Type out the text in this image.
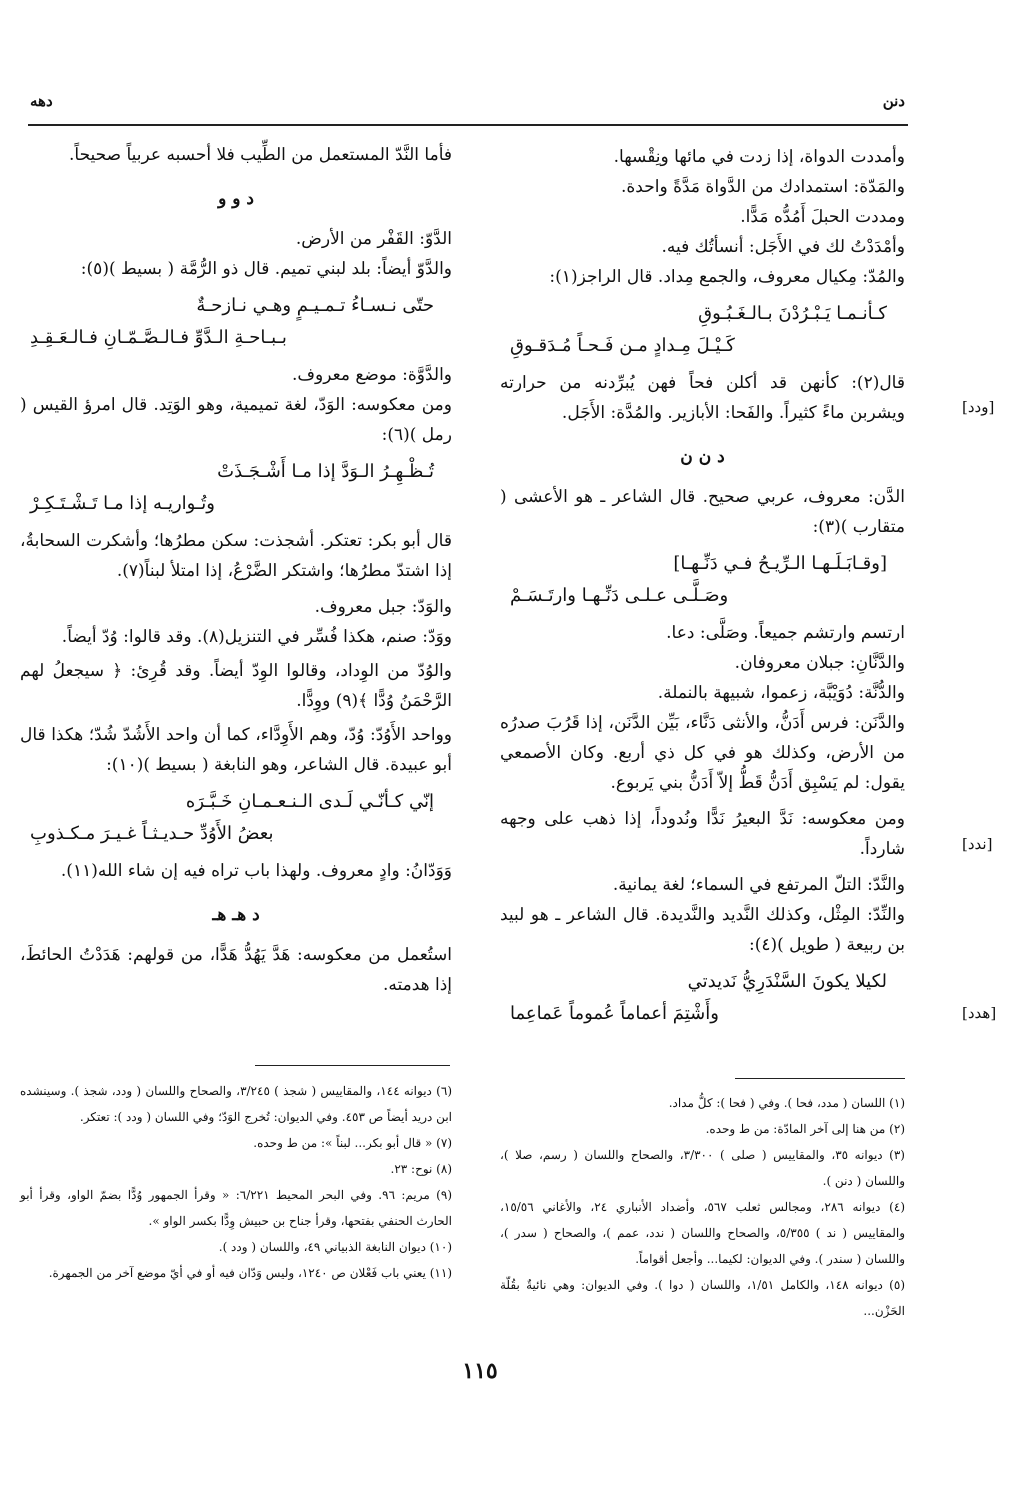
دنن
دهه

وأمددت الدواة، إذا زدت في مائها ونِقْسها.

والمَدّة: استمدادك من الدَّواة مَدَّةً واحدة.

ومددت الحبلَ أَمُدُّه مَدًّا.

وأمْدَدْتُ لك في الأَجَل: أنسأتُك فيه.

والمُدّ: مِكيال معروف، والجمع مِداد. قال الراجز(١):

كـأنـمـا يَـبْـرُدْنَ بـالـغَـبُـوقِ
كَـيْـلَ مِـدادٍ مـن فَـحـاً مُـدَقـوقِ

قال(٢): كأنهن قد أكلن فحاً فهن يُبرِّدنه من حرارته ويشربن ماءً كثيراً. والفَحا: الأبازير. والمُدَّة: الأَجَل.

د ن ن

الدَّن: معروف، عربي صحيح. قال الشاعر ـ هو الأعشى ( متقارب )(٣):

[وقـابَـلَـهـا الـرِّيـحُ فـي دَنِّـهـا]
وصَـلَّـى عـلـى دَنِّـهـا وارتَـسَـمْ

ارتسم وارتشم جميعاً. وصَلَّى: دعا.

والدَّنَّانِ: جبلان معروفان.

والدُّنَّة: دُوَيْبَّة، زعموا، شبيهة بالنملة.

والدَّنَن: فرس أَدَنُّ، والأنثى دَنَّاء، بَيِّن الدَّنَن، إذا قَرُبَ صدرُه من الأرض، وكذلك هو في كل ذي أربع. وكان الأصمعي يقول: لم يَسْبِق أَدَنُّ قَطُّ إلاّ أَدَنُّ بني يَربوع.

ومن معكوسه: نَدَّ البعيرُ نَدًّا ونُدوداً، إذا ذهب على وجهه شارداً.

والنَّدّ: التلّ المرتفع في السماء؛ لغة يمانية.

والنِّدّ: المِثْل، وكذلك النَّديد والنَّديدة. قال الشاعر ـ هو لبيد بن ربيعة ( طويل )(٤):

لكيلا يكونَ السَّنْدَرِيُّ نَديدتي
وأَشْتِمَ أعماماً عُموماً عَماعِما

فأما النَّدّ المستعمل من الطِّيب فلا أحسبه عربياً صحيحاً.

د و و

الدَّوّ: القَفْر من الأرض.

والدَّوّ أيضاً: بلد لبني تميم. قال ذو الرُّمَّة ( بسيط )(٥):

حتّى نـسـاءُ تـمـيـمٍ وهـي نـازحـةٌ
بـبـاحـةِ الـدَّوِّ فـالـصَّـمّـانِ فـالـعَـقِـدِ

والدَّوَّة: موضع معروف.

ومن معكوسه: الوَدّ، لغة تميمية، وهو الوَتِد. قال امرؤ القيس ( رمل )(٦):

تُـظْـهِـرُ الـوَدَّ إذا مـا أَشْـجَـذَتْ
وتُـواريـه إذا مـا تَـشْـتَـكِـرْ

قال أبو بكر: تعتكر. أشجذت: سكن مطرُها؛ وأشكرت السحابةُ، إذا اشتدّ مطرُها؛ واشتكر الضَّرْعُ، إذا امتلأ لبناً(٧).

والوَدّ: جبل معروف.

ووَدّ: صنم، هكذا فُسِّر في التنزيل(٨). وقد قالوا: وُدّ أيضاً.

والوُدّ من الوِداد، وقالوا الوِدّ أيضاً. وقد قُرِئ: ﴿ سيجعلُ لهم الرَّحْمَنُ وُدًّا ﴾(٩) ووِدًّا.

وواحد الأَوُدّ: وُدّ، وهم الأَوِدَّاء، كما أن واحد الأَشُدّ شُدّ؛ هكذا قال أبو عبيدة. قال الشاعر، وهو النابغة ( بسيط )(١٠):

إنّي كـأنّـي لَـدى الـنـعـمـانِ خَـبَّـرَه
بعضُ الأَوُدِّ حـديـثـاً غـيـرَ مـكـذوبِ

وَوَدّانُ: وادٍ معروف. ولهذا باب تراه فيه إن شاء الله(١١).

د هـ هـ

استُعمل من معكوسه: هَدَّ يَهُدُّ هَدًّا، من قولهم: هَدَدْتُ الحائطَ، إذا هدمته.

[ودد]
[ندد]
[هدد]

(١) اللسان ( مدد، فحا ). وفي ( فحا ): كلُّ مداد.

(٢) من هنا إلى آخر المادّة: من ط وحده.

(٣) ديوانه ٣٥، والمقاييس ( صلى ) ٣/٣٠٠، والصحاح واللسان ( رسم، صلا )، واللسان ( دنن ).

(٤) ديوانه ٢٨٦، ومجالس ثعلب ٥٦٧، وأضداد الأنباري ٢٤، والأغاني ١٥/٥٦، والمقاييس ( ند ) ٥/٣٥٥، والصحاح واللسان ( ندد، عمم )، والصحاح ( سدر )، واللسان ( سندر ). وفي الديوان: لكيما... وأجعل أقواماً.

(٥) ديوانه ١٤٨، والكامل ١/٥١، واللسان ( دوا ). وفي الديوان: وهي نائيةٌ بقُلّة الحَزْن...

(٦) ديوانه ١٤٤، والمقاييس ( شجذ ) ٣/٢٤٥، والصحاح واللسان ( ودد، شجذ ). وسينشده ابن دريد أيضاً ص ٤٥٣. وفي الديوان: تُخرج الوَدّ؛ وفي اللسان ( ودد ): تعتكر.

(٧) « قال أبو بكر... لبناً »: من ط وحده.

(٨) نوح: ٢٣.

(٩) مريم: ٩٦. وفي البحر المحيط ٦/٢٢١: « وقرأ الجمهور وُدًّا بضمّ الواو، وقرأ أبو الحارث الحنفي بفتحها، وقرأ جناح بن حبيش وِدًّا بكسر الواو ».

(١٠) ديوان النابغة الذبياني ٤٩، واللسان ( ودد ).

(١١) يعني باب فَعْلان ص ١٢٤٠، وليس وَدّان فيه أو في أيّ موضع آخر من الجمهرة.

١١٥
